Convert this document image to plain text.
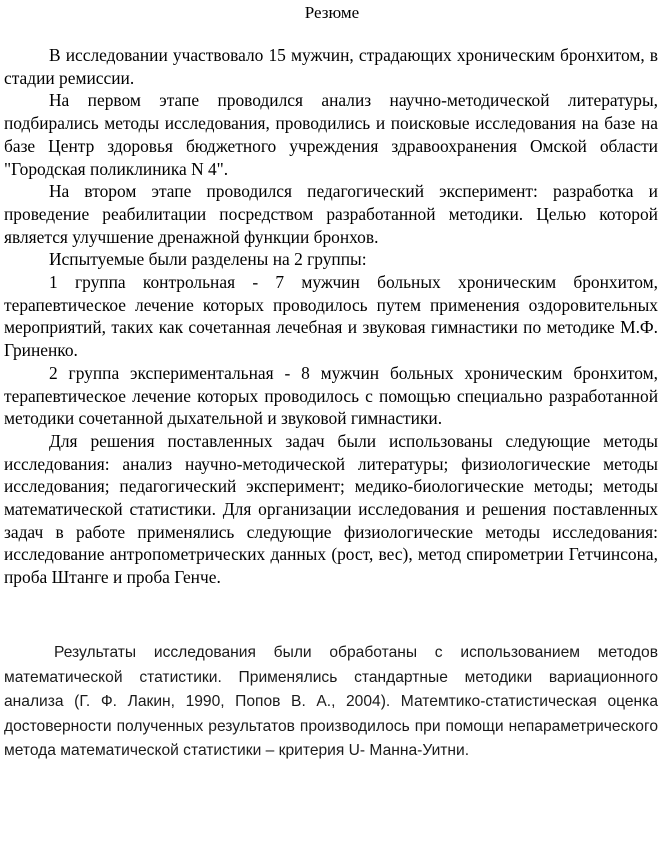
Резюме

В исследовании участвовало 15 мужчин, страдающих хроническим бронхитом, в стадии ремиссии.

На первом этапе проводился анализ научно-методической литературы, подбирались методы исследования, проводились и поисковые исследования на базе на базе Центр здоровья бюджетного учреждения здравоохранения Омской области "Городская поликлиника N 4".

На втором этапе проводился педагогический эксперимент: разработка и проведение реабилитации посредством разработанной методики. Целью которой является улучшение дренажной функции бронхов.

Испытуемые были разделены на 2 группы:

1 группа контрольная - 7 мужчин больных хроническим бронхитом, терапевтическое лечение которых проводилось путем применения оздоровительных мероприятий, таких как сочетанная лечебная и звуковая гимнастики по методике М.Ф. Гриненко.

2 группа экспериментальная - 8 мужчин больных хроническим бронхитом, терапевтическое лечение которых проводилось с помощью специально разработанной методики сочетанной дыхательной и звуковой гимнастики.

Для решения поставленных задач были использованы следующие методы исследования: анализ научно-методической литературы; физиологические методы исследования; педагогический эксперимент; медико-биологические методы; методы математической статистики. Для организации исследования и решения поставленных задач в работе применялись следующие физиологические методы исследования: исследование антропометрических данных (рост, вес), метод спирометрии Гетчинсона, проба Штанге и проба Генче.

Результаты исследования были обработаны с использованием методов математической статистики. Применялись стандартные методики вариационного анализа (Г. Ф. Лакин, 1990, Попов В. А., 2004). Матемтико-статистическая оценка достоверности полученных результатов производилось при помощи непараметрического метода математической статистики – критерия U- Манна-Уитни.
